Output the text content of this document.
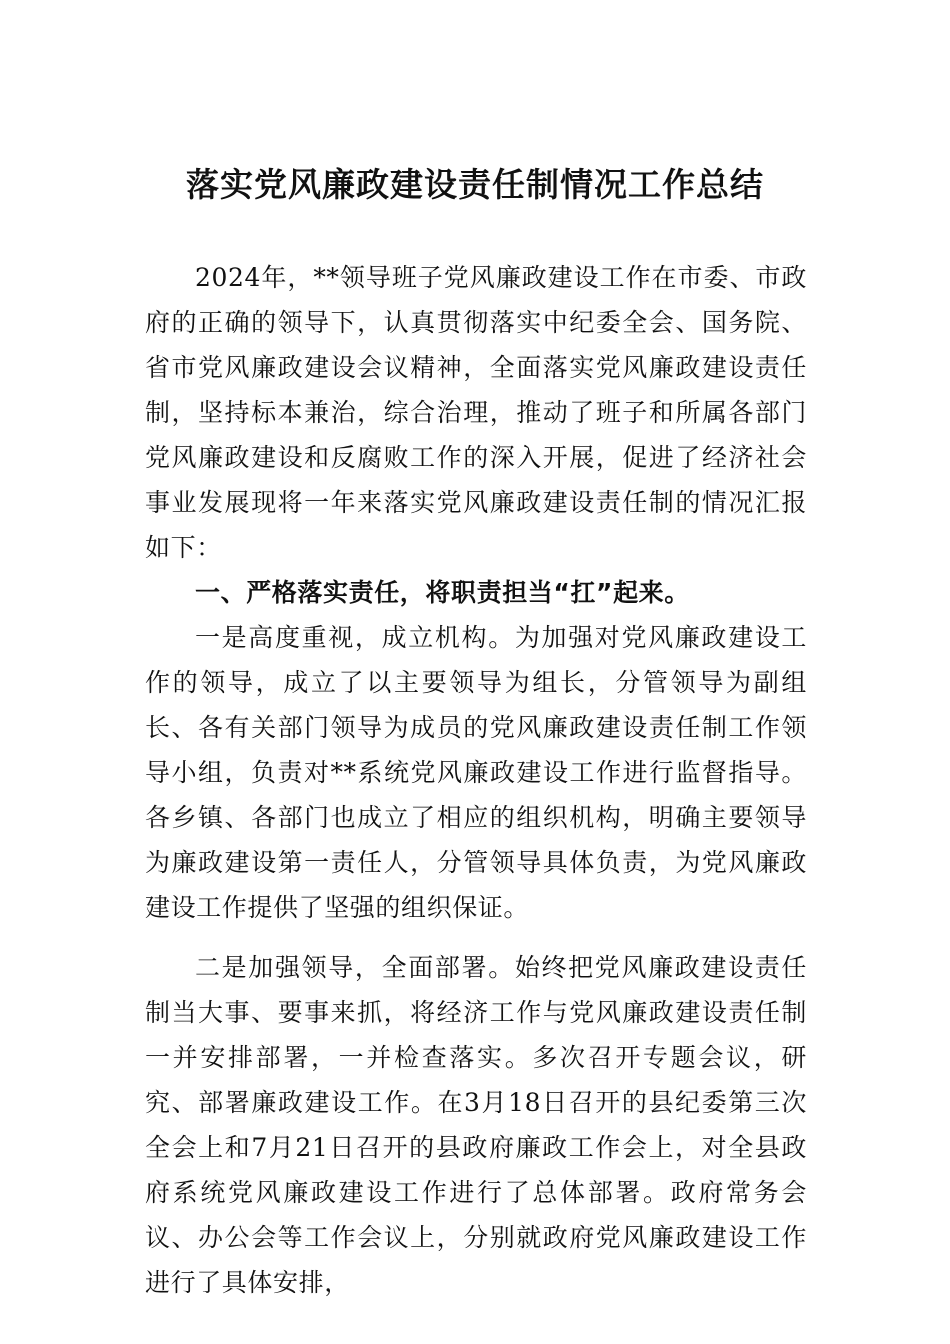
落实党风廉政建设责任制情况工作总结

2024年，**领导班子党风廉政建设工作在市委、市政府的正确的领导下，认真贯彻落实中纪委全会、国务院、省市党风廉政建设会议精神，全面落实党风廉政建设责任制，坚持标本兼治，综合治理，推动了班子和所属各部门党风廉政建设和反腐败工作的深入开展，促进了经济社会事业发展现将一年来落实党风廉政建设责任制的情况汇报如下：

一、严格落实责任，将职责担当“扛”起来。

一是高度重视，成立机构。为加强对党风廉政建设工作的领导，成立了以主要领导为组长，分管领导为副组长、各有关部门领导为成员的党风廉政建设责任制工作领导小组，负责对**系统党风廉政建设工作进行监督指导。各乡镇、各部门也成立了相应的组织机构，明确主要领导为廉政建设第一责任人，分管领导具体负责，为党风廉政建设工作提供了坚强的组织保证。

二是加强领导，全面部署。始终把党风廉政建设责任制当大事、要事来抓，将经济工作与党风廉政建设责任制一并安排部署，一并检查落实。多次召开专题会议，研究、部署廉政建设工作。在3月18日召开的县纪委第三次全会上和7月21日召开的县政府廉政工作会上，对全县政府系统党风廉政建设工作进行了总体部署。政府常务会议、办公会等工作会议上，分别就政府党风廉政建设工作进行了具体安排，
